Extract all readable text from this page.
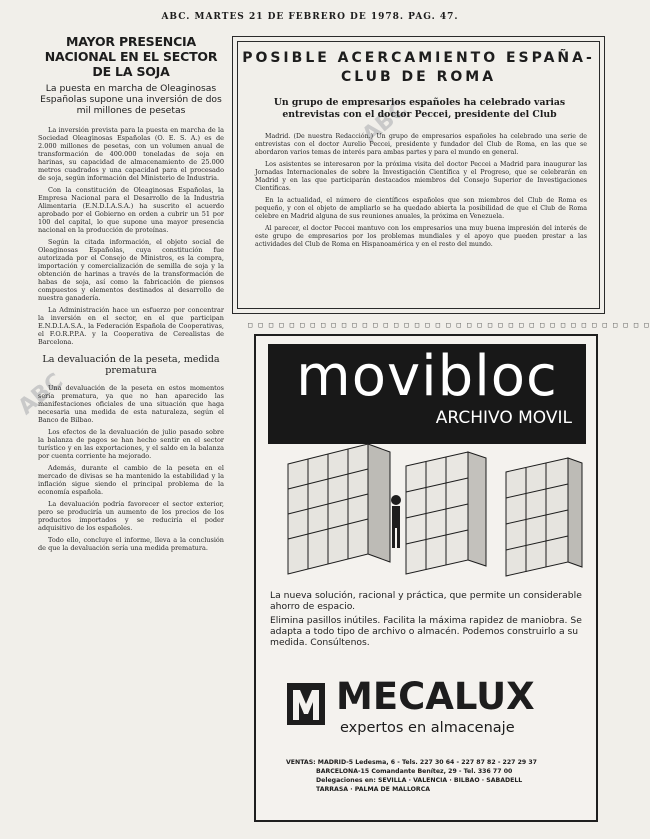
ABC. MARTES 21 DE FEBRERO DE 1978. PAG. 47.
ABC
ABC
MAYOR PRESENCIA NACIONAL EN EL SECTOR DE LA SOJA

La puesta en marcha de Oleaginosas Españolas supone una inversión de dos mil millones de pesetas

La inversión prevista para la puesta en marcha de la Sociedad Oleaginosas Españolas (O. E. S. A.) es de 2.000 millones de pesetas, con un volumen anual de transformación de 400.000 toneladas de soja en harinas, su capacidad de almacenamiento de 25.000 metros cuadrados y una capacidad para el procesado de soja, según información del Ministerio de Industria.

Con la constitución de Oleaginosas Españolas, la Empresa Nacional para el Desarrollo de la Industria Alimentaria (E.N.D.I.A.S.A.) ha suscrito el acuerdo aprobado por el Gobierno en orden a cubrir un 51 por 100 del capital, lo que supone una mayor presencia nacional en la producción de proteínas.

Según la citada información, el objeto social de Oleaginosas Españolas, cuya constitución fue autorizada por el Consejo de Ministros, es la compra, importación y comercialización de semilla de soja y la obtención de harinas a través de la transformación de habas de soja, así como la fabricación de piensos compuestos y elementos destinados al desarrollo de nuestra ganadería.

La Administración hace un esfuerzo por concentrar la inversión en el sector, en el que participan E.N.D.I.A.S.A., la Federación Española de Cooperativas, el F.O.R.P.P.A. y la Cooperativa de Cerealistas de Barcelona.

La devaluación de la peseta, medida prematura

Una devaluación de la peseta en estos momentos sería prematura, ya que no han aparecido las manifestaciones oficiales de una situación que haga necesaria una medida de esta naturaleza, según el Banco de Bilbao.

Los efectos de la devaluación de julio pasado sobre la balanza de pagos se han hecho sentir en el sector turístico y en las exportaciones, y el saldo en la balanza por cuenta corriente ha mejorado.

Además, durante el cambio de la peseta en el mercado de divisas se ha mantenido la estabilidad y la inflación sigue siendo el principal problema de la economía española.

La devaluación podría favorecer el sector exterior, pero se produciría un aumento de los precios de los productos importados y se reduciría el poder adquisitivo de los españoles.

Todo ello, concluye el informe, lleva a la conclusión de que la devaluación sería una medida prematura.

POSIBLE ACERCAMIENTO ESPAÑA-CLUB DE ROMA

Un grupo de empresarios españoles ha celebrado varias entrevistas con el doctor Peccei, presidente del Club

Madrid. (De nuestra Redacción.) Un grupo de empresarios españoles ha celebrado una serie de entrevistas con el doctor Aurelio Peccei, presidente y fundador del Club de Roma, en las que se abordaron varios temas de interés para ambas partes y para el mundo en general.

Los asistentes se interesaron por la próxima visita del doctor Peccei a Madrid para inaugurar las Jornadas Internacionales de sobre la Investigación Científica y el Progreso, que se celebrarán en Madrid y en las que participarán destacados miembros del Consejo Superior de Investigaciones Científicas.

En la actualidad, el número de científicos españoles que son miembros del Club de Roma es pequeño, y con el objeto de ampliarlo se ha quedado abierta la posibilidad de que el Club de Roma celebre en Madrid alguna de sus reuniones anuales, la próxima en Venezuela.

Al parecer, el doctor Peccei mantuvo con los empresarios una muy buena impresión del interés de este grupo de empresarios por los problemas mundiales y el apoyo que pueden prestar a las actividades del Club de Roma en Hispanoamérica y en el resto del mundo.

□ □ □ □ □ □ □ □ □ □ □ □ □ □ □ □ □ □ □ □ □ □ □ □ □ □ □ □ □ □ □ □ □ □ □ □ □ □ □
movibloc
ARCHIVO MOVIL

La nueva solución, racional y práctica, que permite un considerable ahorro de espacio.

Elimina pasillos inútiles. Facilita la máxima rapidez de maniobra. Se adapta a todo tipo de archivo o almacén. Podemos construirlo a su medida. Consúltenos.

MECALUX
expertos en almacenaje

VENTAS: MADRID-5 Ledesma, 6 - Tels. 227 30 64 - 227 87 82 - 227 29 37

BARCELONA-15 Comandante Benítez, 29 - Tel. 336 77 00

Delegaciones en: SEVILLA · VALENCIA · BILBAO · SABADELL

TARRASA · PALMA DE MALLORCA
